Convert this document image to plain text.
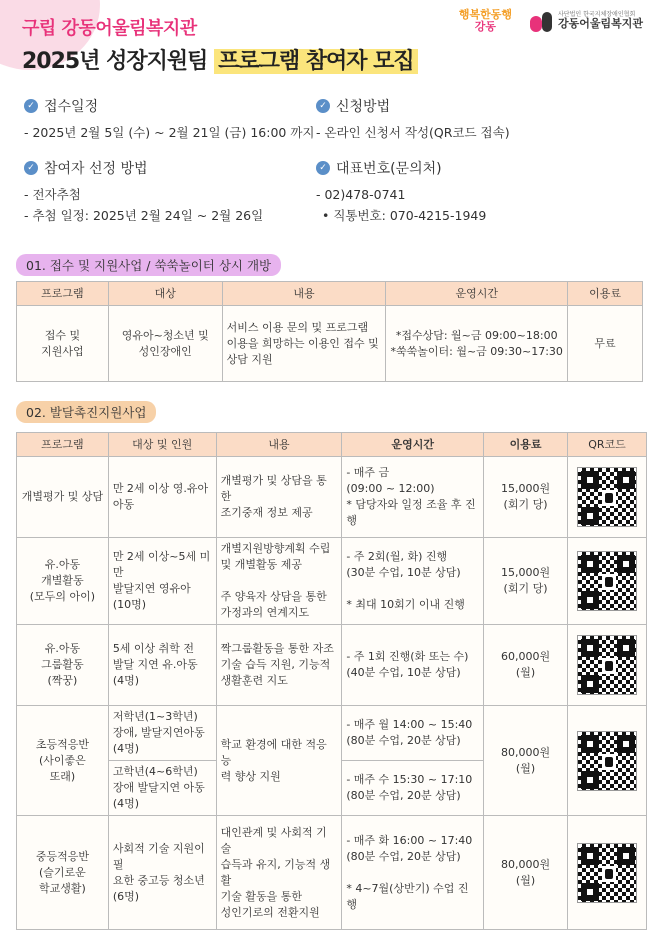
구립 강동어울림복지관
2025년 성장지원팀 프로그램 참여자 모집
행복한동행
강동
사단법인 한국지체장애인협회
강동어울림복지관
✓ 접수일정

- 2025년 2월 5일 (수) ~ 2월 21일 (금) 16:00 까지

✓ 신청방법

- 온라인 신청서 작성(QR코드 접속)

✓ 참여자 선정 방법

- 전자추첨

- 추첨 일정: 2025년 2월 24일 ~ 2월 26일

✓ 대표번호(문의처)

- 02)478-0741

• 직통번호: 070-4215-1949

01. 접수 및 지원사업 / 쑥쑥놀이터 상시 개방
프로그램	대상	내용	운영시간	이용료
접수 및
지원사업	영유아~청소년 및
성인장애인	서비스 이용 문의 및 프로그램
이용을 희망하는 이용인 접수 및
상담 지원	*접수상담: 월~금 09:00~18:00
*쑥쑥놀이터: 월~금 09:30~17:30	무료
02. 발달촉진지원사업
프로그램	대상 및 인원	내용	운영시간	이용료	QR코드
개별평가 및 상담	만 2세 이상 영.유아
아동	개별평가 및 상담을 통한
조기중재 정보 제공	- 매주 금
(09:00 ~ 12:00)
* 담당자와 일정 조율 후 진행	15,000원
(회기 당)	

유.아동
개별활동
(모두의 아이)	만 2세 이상~5세 미만
발달지연 영유아
(10명)	개별지원방향계획 수립
및 개별활동 제공

주 양육자 상담을 통한
가정과의 연계지도	- 주 2회(월, 화) 진행
(30분 수업, 10분 상담)

* 최대 10회기 이내 진행	15,000원
(회기 당)	

유.아동
그룹활동
(짝꿍)	5세 이상 취학 전
발달 지연 유.아동
(4명)	짝그룹활동을 통한 자조
기술 습득 지원, 기능적
생활훈련 지도	- 주 1회 진행(화 또는 수)
(40분 수업, 10분 상담)	60,000원
(월)	

초등적응반
(사이좋은
또래)	저학년(1~3학년)
장애, 발달지연아동
(4명)	학교 환경에 대한 적응능
력 향상 지원	- 매주 월 14:00 ~ 15:40
(80분 수업, 20분 상담)	80,000원
(월)	

	고학년(4~6학년)
장애 발달지연 아동
(4명)		- 매주 수 15:30 ~ 17:10
(80분 수업, 20분 상담)		
중등적응반
(슬기로운
학교생활)	사회적 기술 지원이 필
요한 중고등 청소년
(6명)	대인관계 및 사회적 기술
습득과 유지, 기능적 생활
기술 활동을 통한
성인기로의 전환지원	- 매주 화 16:00 ~ 17:40
(80분 수업, 20분 상담)

* 4~7월(상반기) 수업 진행	80,000원
(월)	
